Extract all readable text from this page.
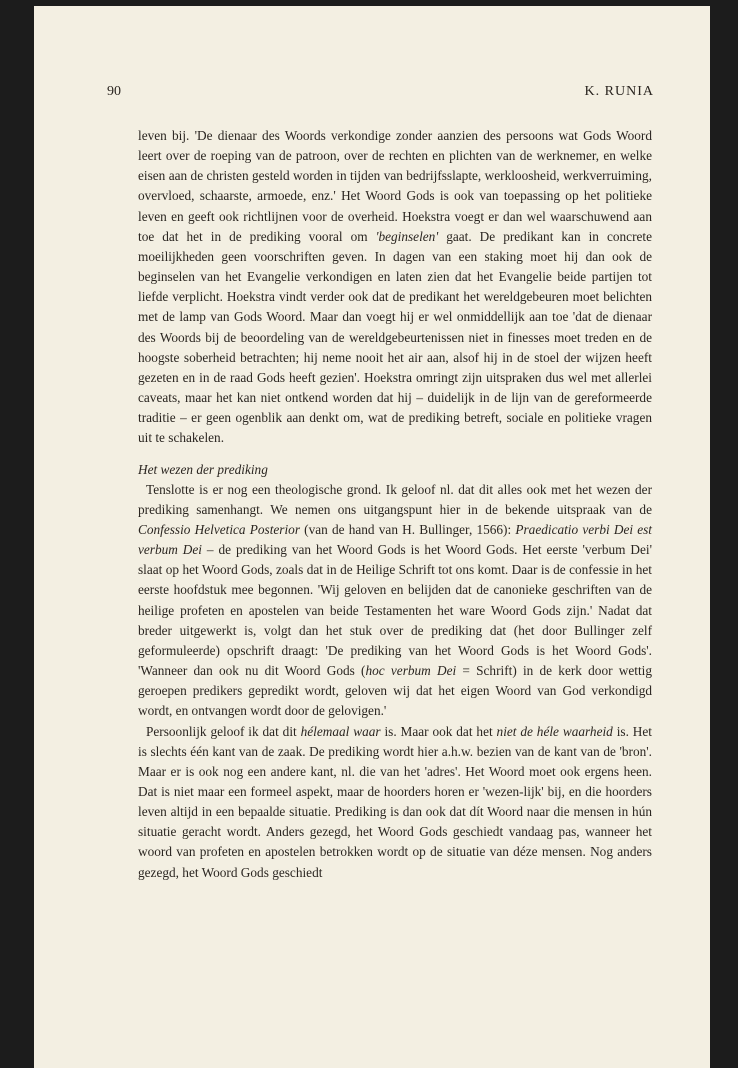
90	K. RUNIA

leven bij. 'De dienaar des Woords verkondige zonder aanzien des persoons wat Gods Woord leert over de roeping van de patroon, over de rechten en plichten van de werknemer, en welke eisen aan de christen gesteld worden in tijden van bedrijfsslapte, werkloosheid, werkverruiming, overvloed, schaarste, armoede, enz.' Het Woord Gods is ook van toepassing op het politieke leven en geeft ook richtlijnen voor de overheid. Hoekstra voegt er dan wel waarschuwend aan toe dat het in de prediking vooral om 'beginselen' gaat. De predikant kan in concrete moeilijkheden geen voorschriften geven. In dagen van een staking moet hij dan ook de beginselen van het Evangelie verkondigen en laten zien dat het Evangelie beide partijen tot liefde verplicht. Hoekstra vindt verder ook dat de predikant het wereldgebeuren moet belichten met de lamp van Gods Woord. Maar dan voegt hij er wel onmiddellijk aan toe 'dat de dienaar des Woords bij de beoordeling van de wereldgebeurtenissen niet in finesses moet treden en de hoogste soberheid betrachten; hij neme nooit het air aan, alsof hij in de stoel der wijzen heeft gezeten en in de raad Gods heeft gezien'. Hoekstra omringt zijn uitspraken dus wel met allerlei caveats, maar het kan niet ontkend worden dat hij – duidelijk in de lijn van de gereformeerde traditie – er geen ogenblik aan denkt om, wat de prediking betreft, sociale en politieke vragen uit te schakelen.

Het wezen der prediking

Tenslotte is er nog een theologische grond. Ik geloof nl. dat dit alles ook met het wezen der prediking samenhangt. We nemen ons uitgangspunt hier in de bekende uitspraak van de Confessio Helvetica Posterior (van de hand van H. Bullinger, 1566): Praedicatio verbi Dei est verbum Dei – de prediking van het Woord Gods is het Woord Gods. Het eerste 'verbum Dei' slaat op het Woord Gods, zoals dat in de Heilige Schrift tot ons komt. Daar is de confessie in het eerste hoofdstuk mee begonnen. 'Wij geloven en belijden dat de canonieke geschriften van de heilige profeten en apostelen van beide Testamenten het ware Woord Gods zijn.' Nadat dat breder uitgewerkt is, volgt dan het stuk over de prediking dat (het door Bullinger zelf geformuleerde) opschrift draagt: 'De prediking van het Woord Gods is het Woord Gods'. 'Wanneer dan ook nu dit Woord Gods (hoc verbum Dei = Schrift) in de kerk door wettig geroepen predikers gepredikt wordt, geloven wij dat het eigen Woord van God verkondigd wordt, en ontvangen wordt door de gelovigen.'

Persoonlijk geloof ik dat dit hélemaal waar is. Maar ook dat het niet de héle waarheid is. Het is slechts één kant van de zaak. De prediking wordt hier a.h.w. bezien van de kant van de 'bron'. Maar er is ook nog een andere kant, nl. die van het 'adres'. Het Woord moet ook ergens heen. Dat is niet maar een formeel aspekt, maar de hoorders horen er 'wezen-lijk' bij, en die hoorders leven altijd in een bepaalde situatie. Prediking is dan ook dat dít Woord naar die mensen in hún situatie geracht wordt. Anders gezegd, het Woord Gods geschiedt vandaag pas, wanneer het woord van profeten en apostelen betrokken wordt op de situatie van déze mensen. Nog anders gezegd, het Woord Gods geschiedt
